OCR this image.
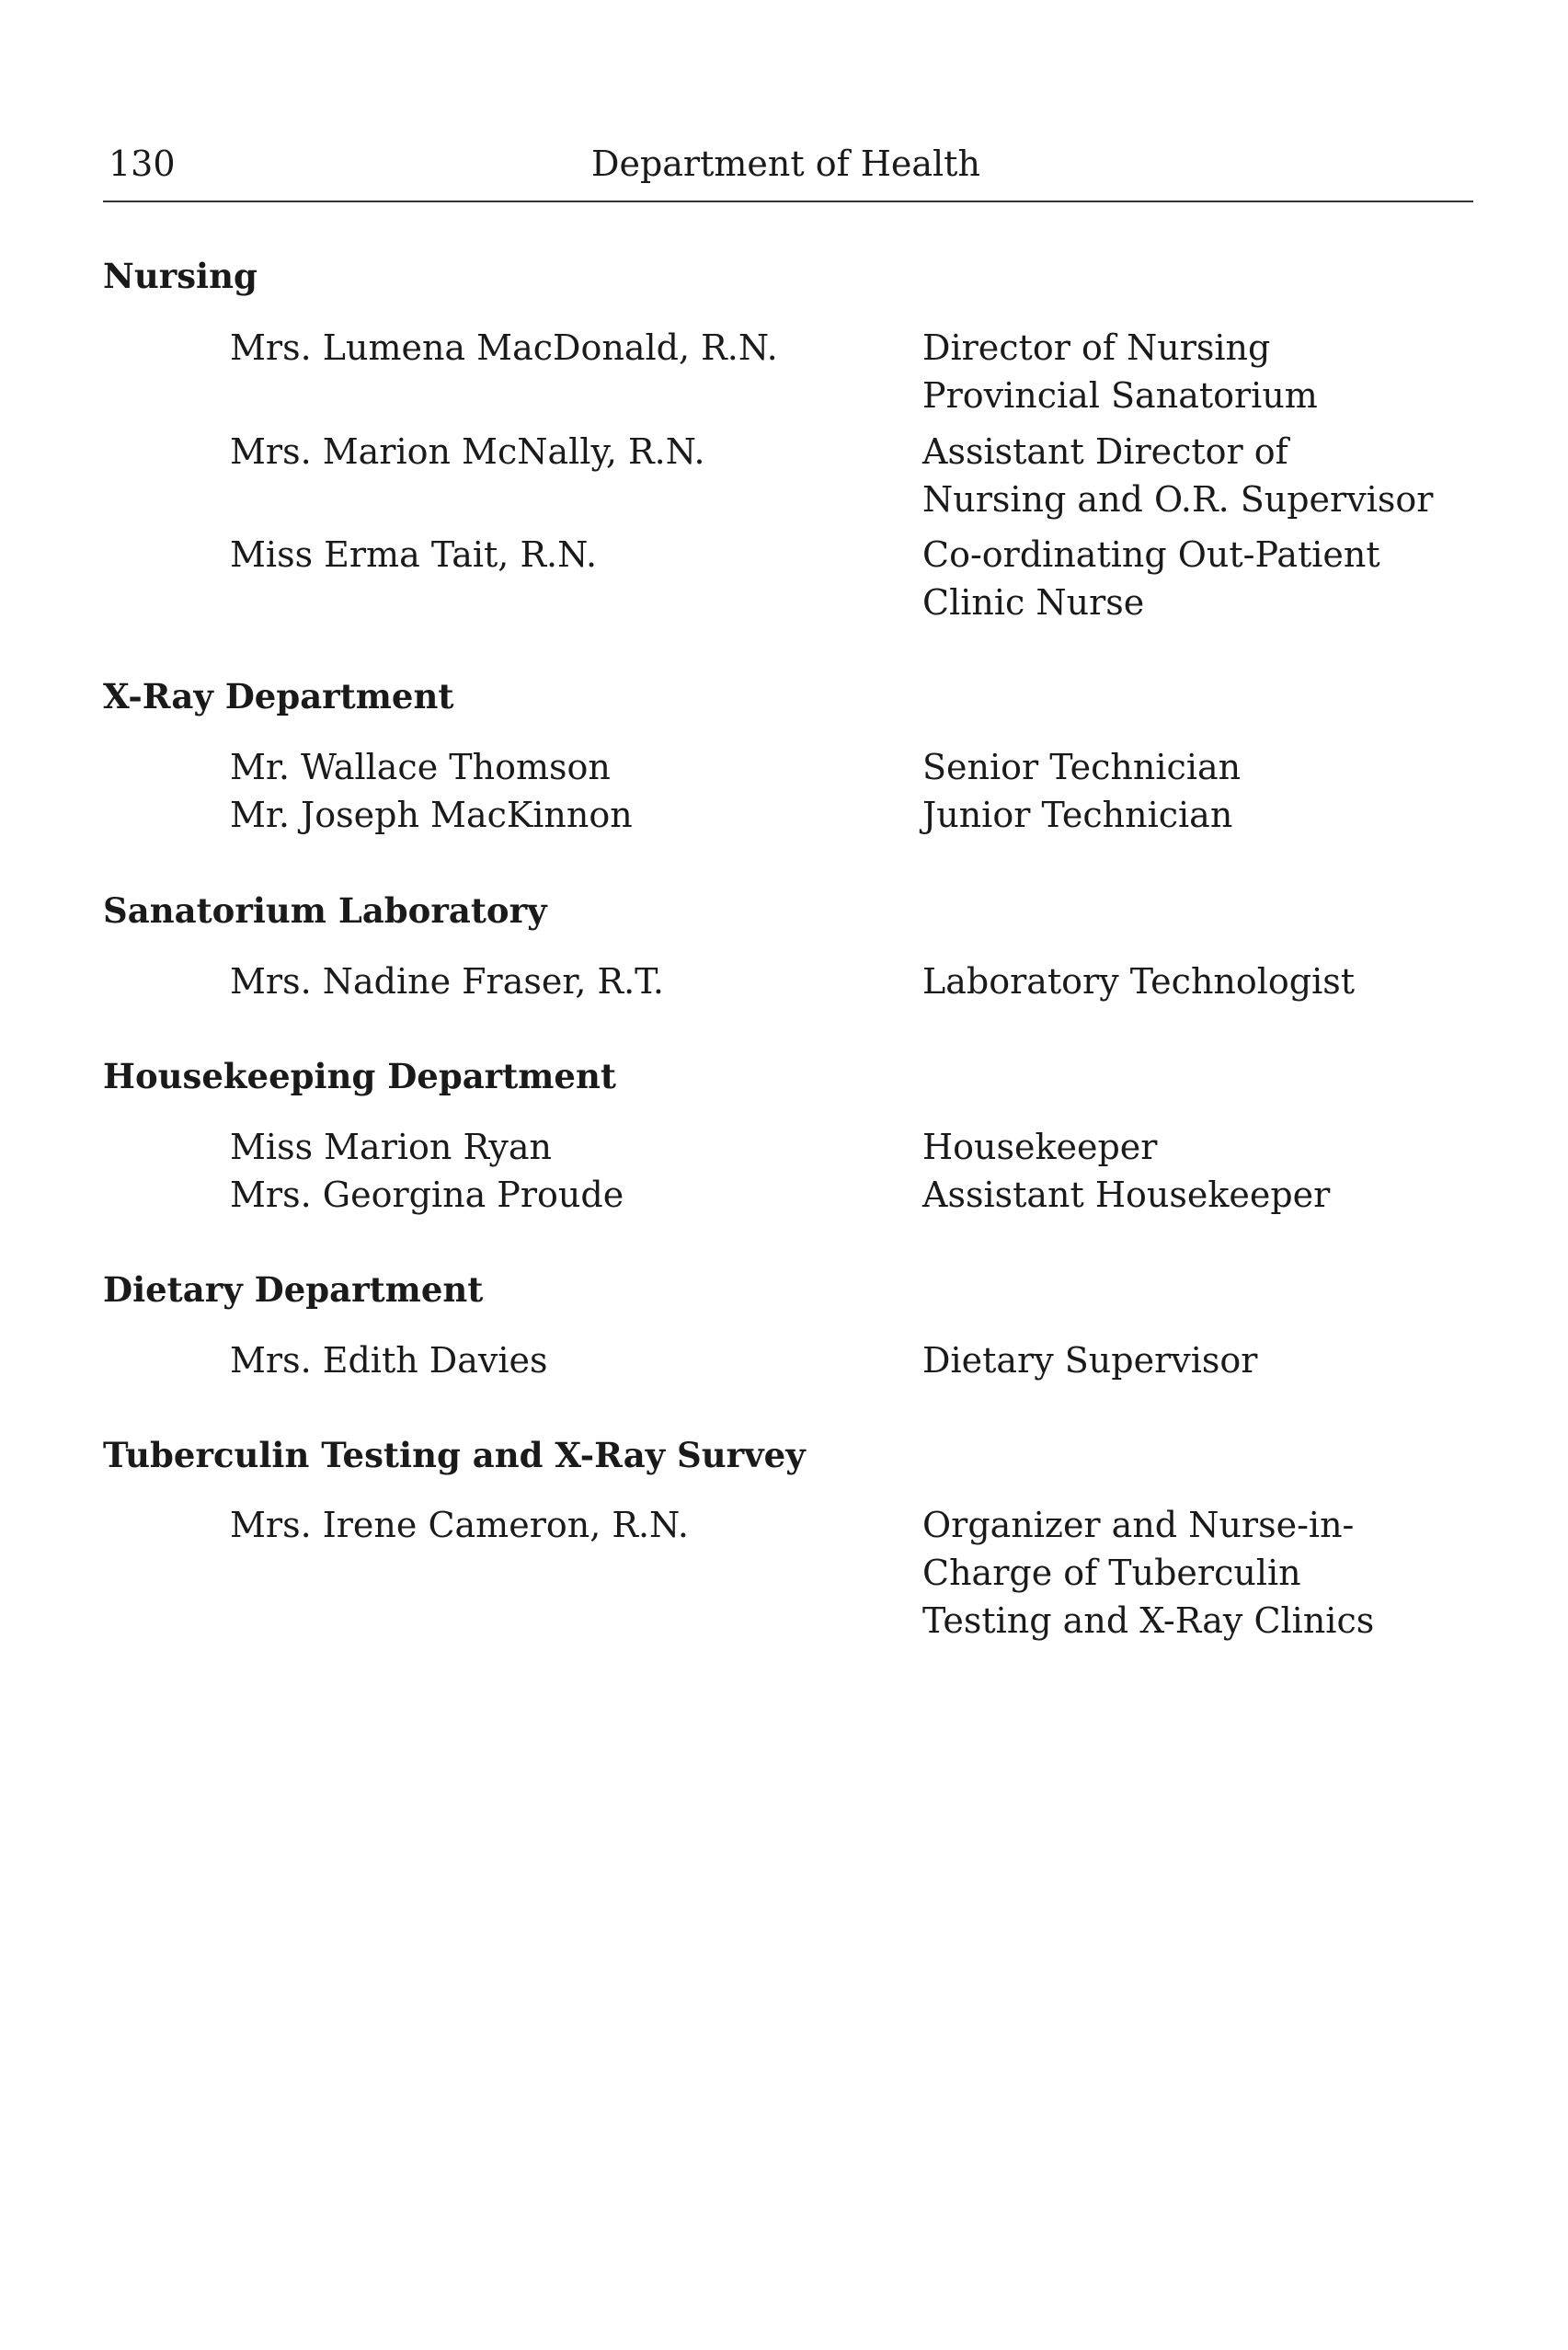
130	Department of Health
Nursing
Mrs. Lumena MacDonald, R.N.	Director of Nursing
Provincial Sanatorium
Mrs. Marion McNally, R.N.	Assistant Director of
Nursing and O.R. Supervisor
Miss Erma Tait, R.N.	Co-ordinating Out-Patient
Clinic Nurse
X-Ray Department
Mr. Wallace Thomson	Senior Technician
Mr. Joseph MacKinnon	Junior Technician
Sanatorium Laboratory
Mrs. Nadine Fraser, R.T.	Laboratory Technologist
Housekeeping Department
Miss Marion Ryan	Housekeeper
Mrs. Georgina Proude	Assistant Housekeeper
Dietary Department
Mrs. Edith Davies	Dietary Supervisor
Tuberculin Testing and X-Ray Survey
Mrs. Irene Cameron, R.N.	Organizer and Nurse-in-
Charge of Tuberculin
Testing and X-Ray Clinics
